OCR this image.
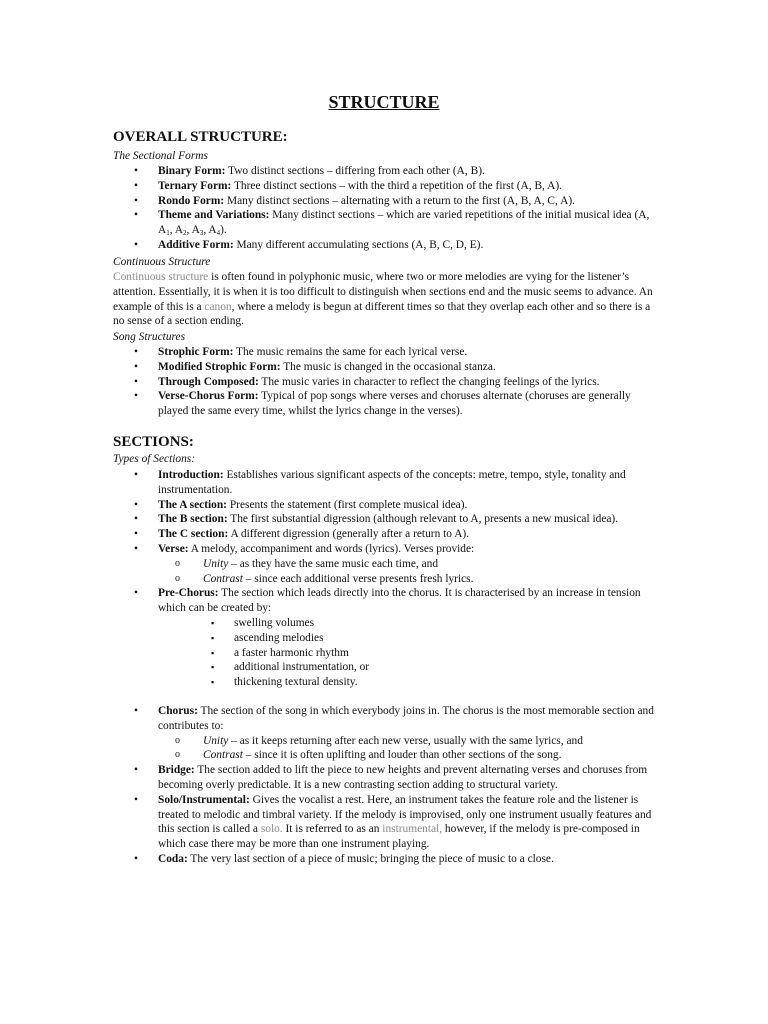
STRUCTURE
OVERALL STRUCTURE:
The Sectional Forms
• Binary Form: Two distinct sections – differing from each other (A, B).
• Ternary Form: Three distinct sections – with the third a repetition of the first (A, B, A).
• Rondo Form: Many distinct sections – alternating with a return to the first (A, B, A, C, A).
• Theme and Variations: Many distinct sections – which are varied repetitions of the initial musical idea (A, $A_1$, $A_2$, $A_3$, $A_4$).
• Additive Form: Many different accumulating sections (A, B, C, D, E).
Continuous Structure
Continuous structure is often found in polyphonic music, where two or more melodies are vying for the listener’s attention. Essentially, it is when it is too difficult to distinguish when sections end and the music seems to advance. An example of this is a canon, where a melody is begun at different times so that they overlap each other and so there is a no sense of a section ending.
Song Structures
• Strophic Form: The music remains the same for each lyrical verse.
• Modified Strophic Form: The music is changed in the occasional stanza.
• Through Composed: The music varies in character to reflect the changing feelings of the lyrics.
• Verse-Chorus Form: Typical of pop songs where verses and choruses alternate (choruses are generally played the same every time, whilst the lyrics change in the verses).
SECTIONS:
Types of Sections:
• Introduction: Establishes various significant aspects of the concepts: metre, tempo, style, tonality and instrumentation.
• The A section: Presents the statement (first complete musical idea).
• The B section: The first substantial digression (although relevant to A, presents a new musical idea).
• The C section: A different digression (generally after a return to A).
• Verse: A melody, accompaniment and words (lyrics). Verses provide:
o Unity – as they have the same music each time, and
o Contrast – since each additional verse presents fresh lyrics.
• Pre-Chorus: The section which leads directly into the chorus. It is characterised by an increase in tension which can be created by:
▪ swelling volumes
▪ ascending melodies
▪ a faster harmonic rhythm
▪ additional instrumentation, or
▪ thickening textural density.
• Chorus: The section of the song in which everybody joins in. The chorus is the most memorable section and contributes to:
o Unity – as it keeps returning after each new verse, usually with the same lyrics, and
o Contrast – since it is often uplifting and louder than other sections of the song.
• Bridge: The section added to lift the piece to new heights and prevent alternating verses and choruses from becoming overly predictable. It is a new contrasting section adding to structural variety.
• Solo/Instrumental: Gives the vocalist a rest. Here, an instrument takes the feature role and the listener is treated to melodic and timbral variety. If the melody is improvised, only one instrument usually features and this section is called a solo. It is referred to as an instrumental, however, if the melody is pre-composed in which case there may be more than one instrument playing.
• Coda: The very last section of a piece of music; bringing the piece of music to a close.
